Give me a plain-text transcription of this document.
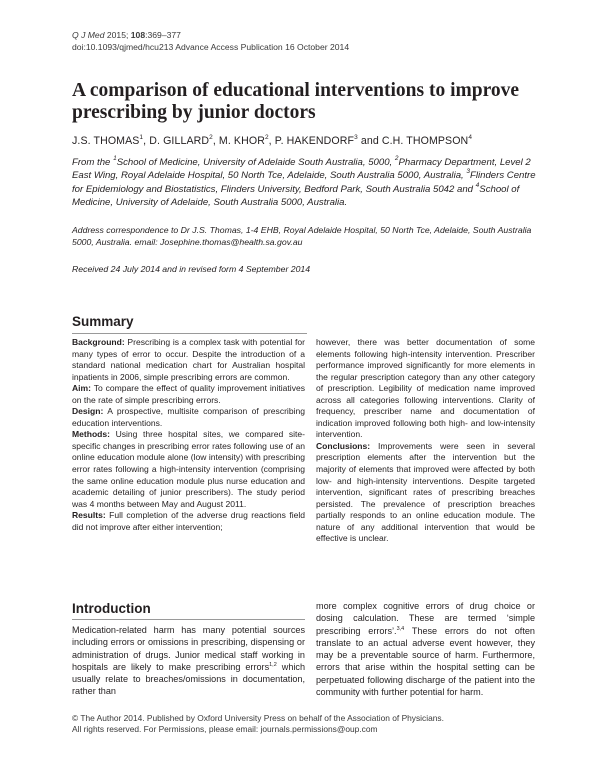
Q J Med 2015; 108:369–377
doi:10.1093/qjmed/hcu213 Advance Access Publication 16 October 2014
A comparison of educational interventions to improve prescribing by junior doctors
J.S. THOMAS$^1$, D. GILLARD$^2$, M. KHOR$^2$, P. HAKENDORF$^3$ and C.H. THOMPSON$^4$
From the $^1$School of Medicine, University of Adelaide South Australia, 5000, $^2$Pharmacy Department, Level 2 East Wing, Royal Adelaide Hospital, 50 North Tce, Adelaide, South Australia 5000, Australia, $^3$Flinders Centre for Epidemiology and Biostatistics, Flinders University, Bedford Park, South Australia 5042 and $^4$School of Medicine, University of Adelaide, South Australia 5000, Australia.
Address correspondence to Dr J.S. Thomas, 1-4 EHB, Royal Adelaide Hospital, 50 North Tce, Adelaide, South Australia 5000, Australia. email: Josephine.thomas@health.sa.gov.au
Received 24 July 2014 and in revised form 4 September 2014
Summary

Background: Prescribing is a complex task with potential for many types of error to occur. Despite the introduction of a standard national medication chart for Australian hospital inpatients in 2006, simple prescribing errors are common.

Aim: To compare the effect of quality improvement initiatives on the rate of simple prescribing errors.

Design: A prospective, multisite comparison of prescribing education interventions.

Methods: Using three hospital sites, we compared site-specific changes in prescribing error rates following use of an online education module alone (low intensity) with prescribing error rates following a high-intensity intervention (comprising the same online education module plus nurse education and academic detailing of junior prescribers). The study period was 4 months between May and August 2011.

Results: Full completion of the adverse drug reactions field did not improve after either intervention;

however, there was better documentation of some elements following high-intensity intervention. Prescriber performance improved significantly for more elements in the regular prescription category than any other category of prescription. Legibility of medication name improved across all categories following interventions. Clarity of frequency, prescriber name and documentation of indication improved following both high- and low-intensity intervention.

Conclusions: Improvements were seen in several prescription elements after the intervention but the majority of elements that improved were affected by both low- and high-intensity interventions. Despite targeted intervention, significant rates of prescribing breaches persisted. The prevalence of prescription breaches partially responds to an online education module. The nature of any additional intervention that would be effective is unclear.

Introduction

Medication-related harm has many potential sources including errors or omissions in prescribing, dispensing or administration of drugs. Junior medical staff working in hospitals are likely to make prescribing errors$^{1,2}$ which usually relate to breaches/omissions in documentation, rather than

more complex cognitive errors of drug choice or dosing calculation. These are termed ‘simple prescribing errors’.$^{3,4}$ These errors do not often translate to an actual adverse event however, they may be a preventable source of harm. Furthermore, errors that arise within the hospital setting can be perpetuated following discharge of the patient into the community with further potential for harm.

© The Author 2014. Published by Oxford University Press on behalf of the Association of Physicians.
All rights reserved. For Permissions, please email: journals.permissions@oup.com
